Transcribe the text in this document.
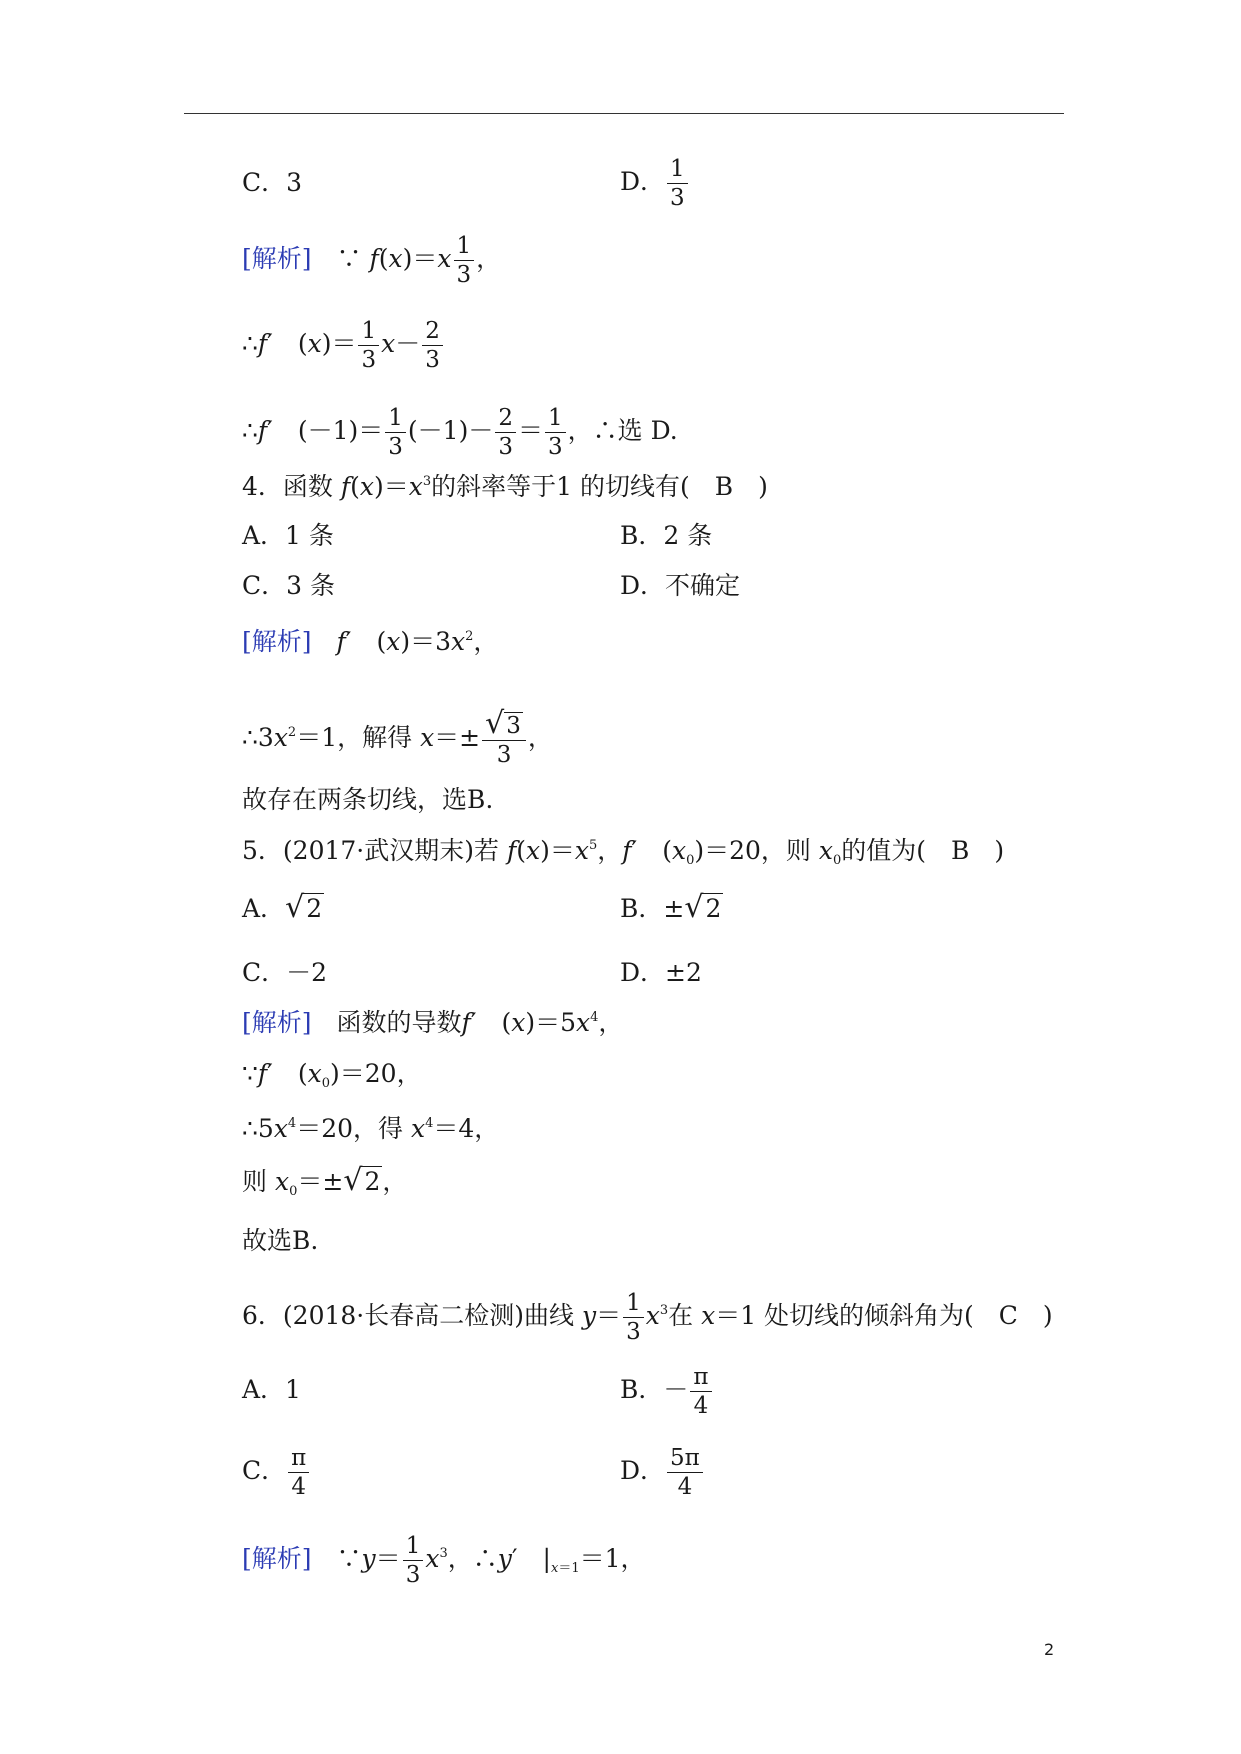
C．3	D． $\frac{1}{3}$
[解析]　 ∵ $f(x)=x \frac{1}{3}$ ，
∴f′　$(x)= \frac{1}{3} x- \frac{2}{3}$
∴f′　$(-1)= \frac{1}{3} (-1)- \frac{2}{3} = \frac{1}{3}$ ，∴选 D.
4．函数 $f(x)=x^3$的斜率等于1 的切线有(　B　)
A．1 条	B．2 条
C．3 条	D．不确定
[解析]　 f′　$(x)=3x^2$，
$\therefore 3x^2=1$，解得 $x=\pm \frac{√3}{3}$ ，
故存在两条切线，选B.
5．(2017·武汉期末)若 $f(x)=x^5$，f′　$(x_0)=20$，则 $x_0$的值为(　B　)
A．√2	B．±√2
C．－2	D．±2
[解析]　 函数的导数f′　$(x)=5x^4$，
∵f′　$(x_0)=20$，
$\therefore 5x^4=20$，得 $x^4=4$，
则 $x_0=\pm√2$，
故选B.
6．(2018·长春高二检测)曲线 $y= \frac{1}{3} x^3$在 x＝1 处切线的倾斜角为(　C　)
A．1	B．－ $\frac{\pi}{4}$
C． $\frac{\pi}{4}$	D． $\frac{5\pi}{4}$
[解析]　 ∵y＝ $\frac{1}{3} x^3$，∴y′　$|_{x=1}=1$，
2
